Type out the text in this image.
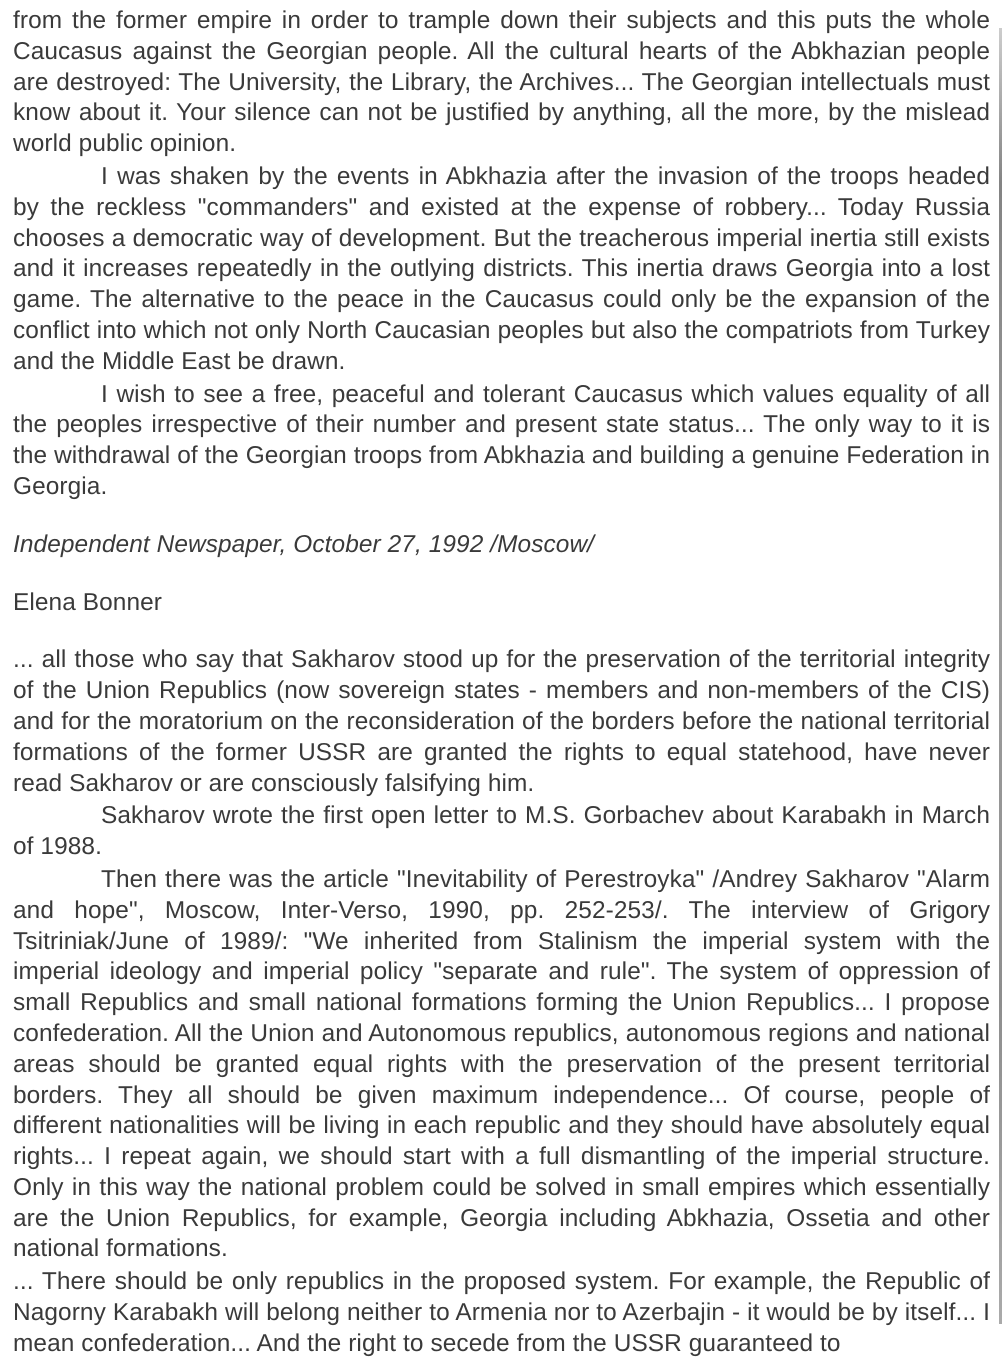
from the former empire in order to trample down their subjects and this puts the whole Caucasus against the Georgian people. All the cultural hearts of the Abkhazian people are destroyed: The University, the Library, the Archives... The Georgian intellectuals must know about it. Your silence can not be justified by anything, all the more, by the mislead world public opinion.

I was shaken by the events in Abkhazia after the invasion of the troops headed by the reckless "commanders" and existed at the expense of robbery... Today Russia chooses a democratic way of development. But the treacherous imperial inertia still exists and it increases repeatedly in the outlying districts. This inertia draws Georgia into a lost game. The alternative to the peace in the Caucasus could only be the expansion of the conflict into which not only North Caucasian peoples but also the compatriots from Turkey and the Middle East be drawn.

I wish to see a free, peaceful and tolerant Caucasus which values equality of all the peoples irrespective of their number and present state status... The only way to it is the withdrawal of the Georgian troops from Abkhazia and building a genuine Federation in Georgia.

Independent Newspaper, October 27, 1992 /Moscow/

Elena Bonner

... all those who say that Sakharov stood up for the preservation of the territorial integrity of the Union Republics (now sovereign states - members and non-members of the CIS) and for the moratorium on the reconsideration of the borders before the national territorial formations of the former USSR are granted the rights to equal statehood, have never read Sakharov or are consciously falsifying him.

Sakharov wrote the first open letter to M.S. Gorbachev about Karabakh in March of 1988.

Then there was the article "Inevitability of Perestroyka" /Andrey Sakharov "Alarm and hope", Moscow, Inter-Verso, 1990, pp. 252-253/. The interview of Grigory Tsitriniak/June of 1989/: "We inherited from Stalinism the imperial system with the imperial ideology and imperial policy "separate and rule". The system of oppression of small Republics and small national formations forming the Union Republics... I propose confederation. All the Union and Autonomous republics, autonomous regions and national areas should be granted equal rights with the preservation of the present territorial borders. They all should be given maximum independence... Of course, people of different nationalities will be living in each republic and they should have absolutely equal rights... I repeat again, we should start with a full dismantling of the imperial structure. Only in this way the national problem could be solved in small empires which essentially are the Union Republics, for example, Georgia including Abkhazia, Ossetia and other national formations.

... There should be only republics in the proposed system. For example, the Republic of Nagorny Karabakh will belong neither to Armenia nor to Azerbajin - it would be by itself... I mean confederation... And the right to secede from the USSR guaranteed to
